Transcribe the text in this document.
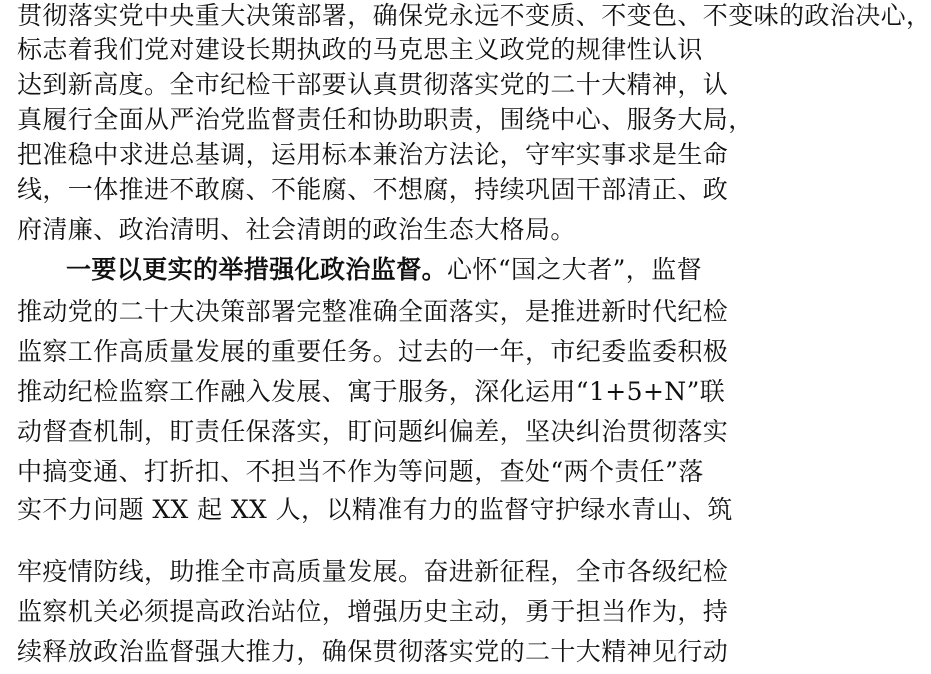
贯彻落实党中央重大决策部署，确保党永远不变质、不变色、不变味的政治决心，
标志着我们党对建设长期执政的马克思主义政党的规律性认识
达到新高度。全市纪检干部要认真贯彻落实党的二十大精神，认
真履行全面从严治党监督责任和协助职责，围绕中心、服务大局，
把准稳中求进总基调，运用标本兼治方法论，守牢实事求是生命
线，一体推进不敢腐、不能腐、不想腐，持续巩固干部清正、政
府清廉、政治清明、社会清朗的政治生态大格局。
一要以更实的举措强化政治监督。心怀“国之大者”，监督
推动党的二十大决策部署完整准确全面落实，是推进新时代纪检
监察工作高质量发展的重要任务。过去的一年，市纪委监委积极
推动纪检监察工作融入发展、寓于服务，深化运用“1+5+N”联
动督查机制，盯责任保落实，盯问题纠偏差，坚决纠治贯彻落实
中搞变通、打折扣、不担当不作为等问题，查处“两个责任”落
实不力问题 XX 起 XX 人，以精准有力的监督守护绿水青山、筑
牢疫情防线，助推全市高质量发展。奋进新征程，全市各级纪检
监察机关必须提高政治站位，增强历史主动，勇于担当作为，持
续释放政治监督强大推力，确保贯彻落实党的二十大精神见行动
